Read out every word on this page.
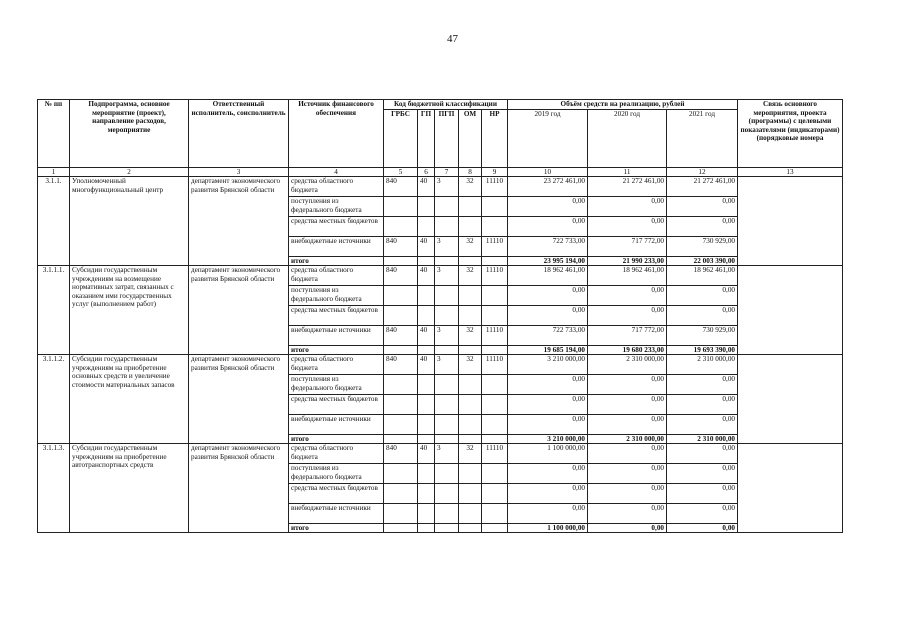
47
№ пп	Подпрограмма, основное мероприятие (проект), направление расходов, мероприятие	Ответственный исполнитель, соисполнитель	Источник финансового обеспечения	Код бюджетной классификации					Объём средств на реализацию, рублей			Связь основного мероприятия, проекта (программы) с целевыми показателями (индикаторами) (порядковые номера
				ГРБС	ГП	ПГП	ОМ	НР	2019 год	2020 год	2021 год	
1	2	3	4	5	6	7	8	9	10	11	12	13
3.1.1.	Уполномоченный многофункциональный центр	департамент экономического развития Брянской области	средства областного бюджета	840	40	3	32	11110	23 272 461,00	21 272 461,00	21 272 461,00	
			поступления из федерального бюджета						0,00	0,00	0,00	
			средства местных бюджетов						0,00	0,00	0,00	
			внебюджетные источники	840	40	3	32	11110	722 733,00	717 772,00	730 929,00	
			итого						23 995 194,00	21 990 233,00	22 003 390,00	
3.1.1.1.	Субсидии государственным учреждениям на возмещение нормативных затрат, связанных с оказанием ими государственных услуг (выполнением работ)	департамент экономического развития Брянской области	средства областного бюджета	840	40	3	32	11110	18 962 461,00	18 962 461,00	18 962 461,00	
			поступления из федерального бюджета						0,00	0,00	0,00	
			средства местных бюджетов						0,00	0,00	0,00	
			внебюджетные источники	840	40	3	32	11110	722 733,00	717 772,00	730 929,00	
			итого						19 685 194,00	19 680 233,00	19 693 390,00	
3.1.1.2.	Субсидии государственным учреждениям на приобретение основных средств и увеличение стоимости материальных запасов	департамент экономического развития Брянской области	средства областного бюджета	840	40	3	32	11110	3 210 000,00	2 310 000,00	2 310 000,00	
			поступления из федерального бюджета						0,00	0,00	0,00	
			средства местных бюджетов						0,00	0,00	0,00	
			внебюджетные источники						0,00	0,00	0,00	
			итого						3 210 000,00	2 310 000,00	2 310 000,00	
3.1.1.3.	Субсидии государственным учреждениям на приобретение автотранспортных средств	департамент экономического развития Брянской области	средства областного бюджета	840	40	3	32	11110	1 100 000,00	0,00	0,00	
			поступления из федерального бюджета						0,00	0,00	0,00	
			средства местных бюджетов						0,00	0,00	0,00	
			внебюджетные источники						0,00	0,00	0,00	
			итого						1 100 000,00	0,00	0,00	
